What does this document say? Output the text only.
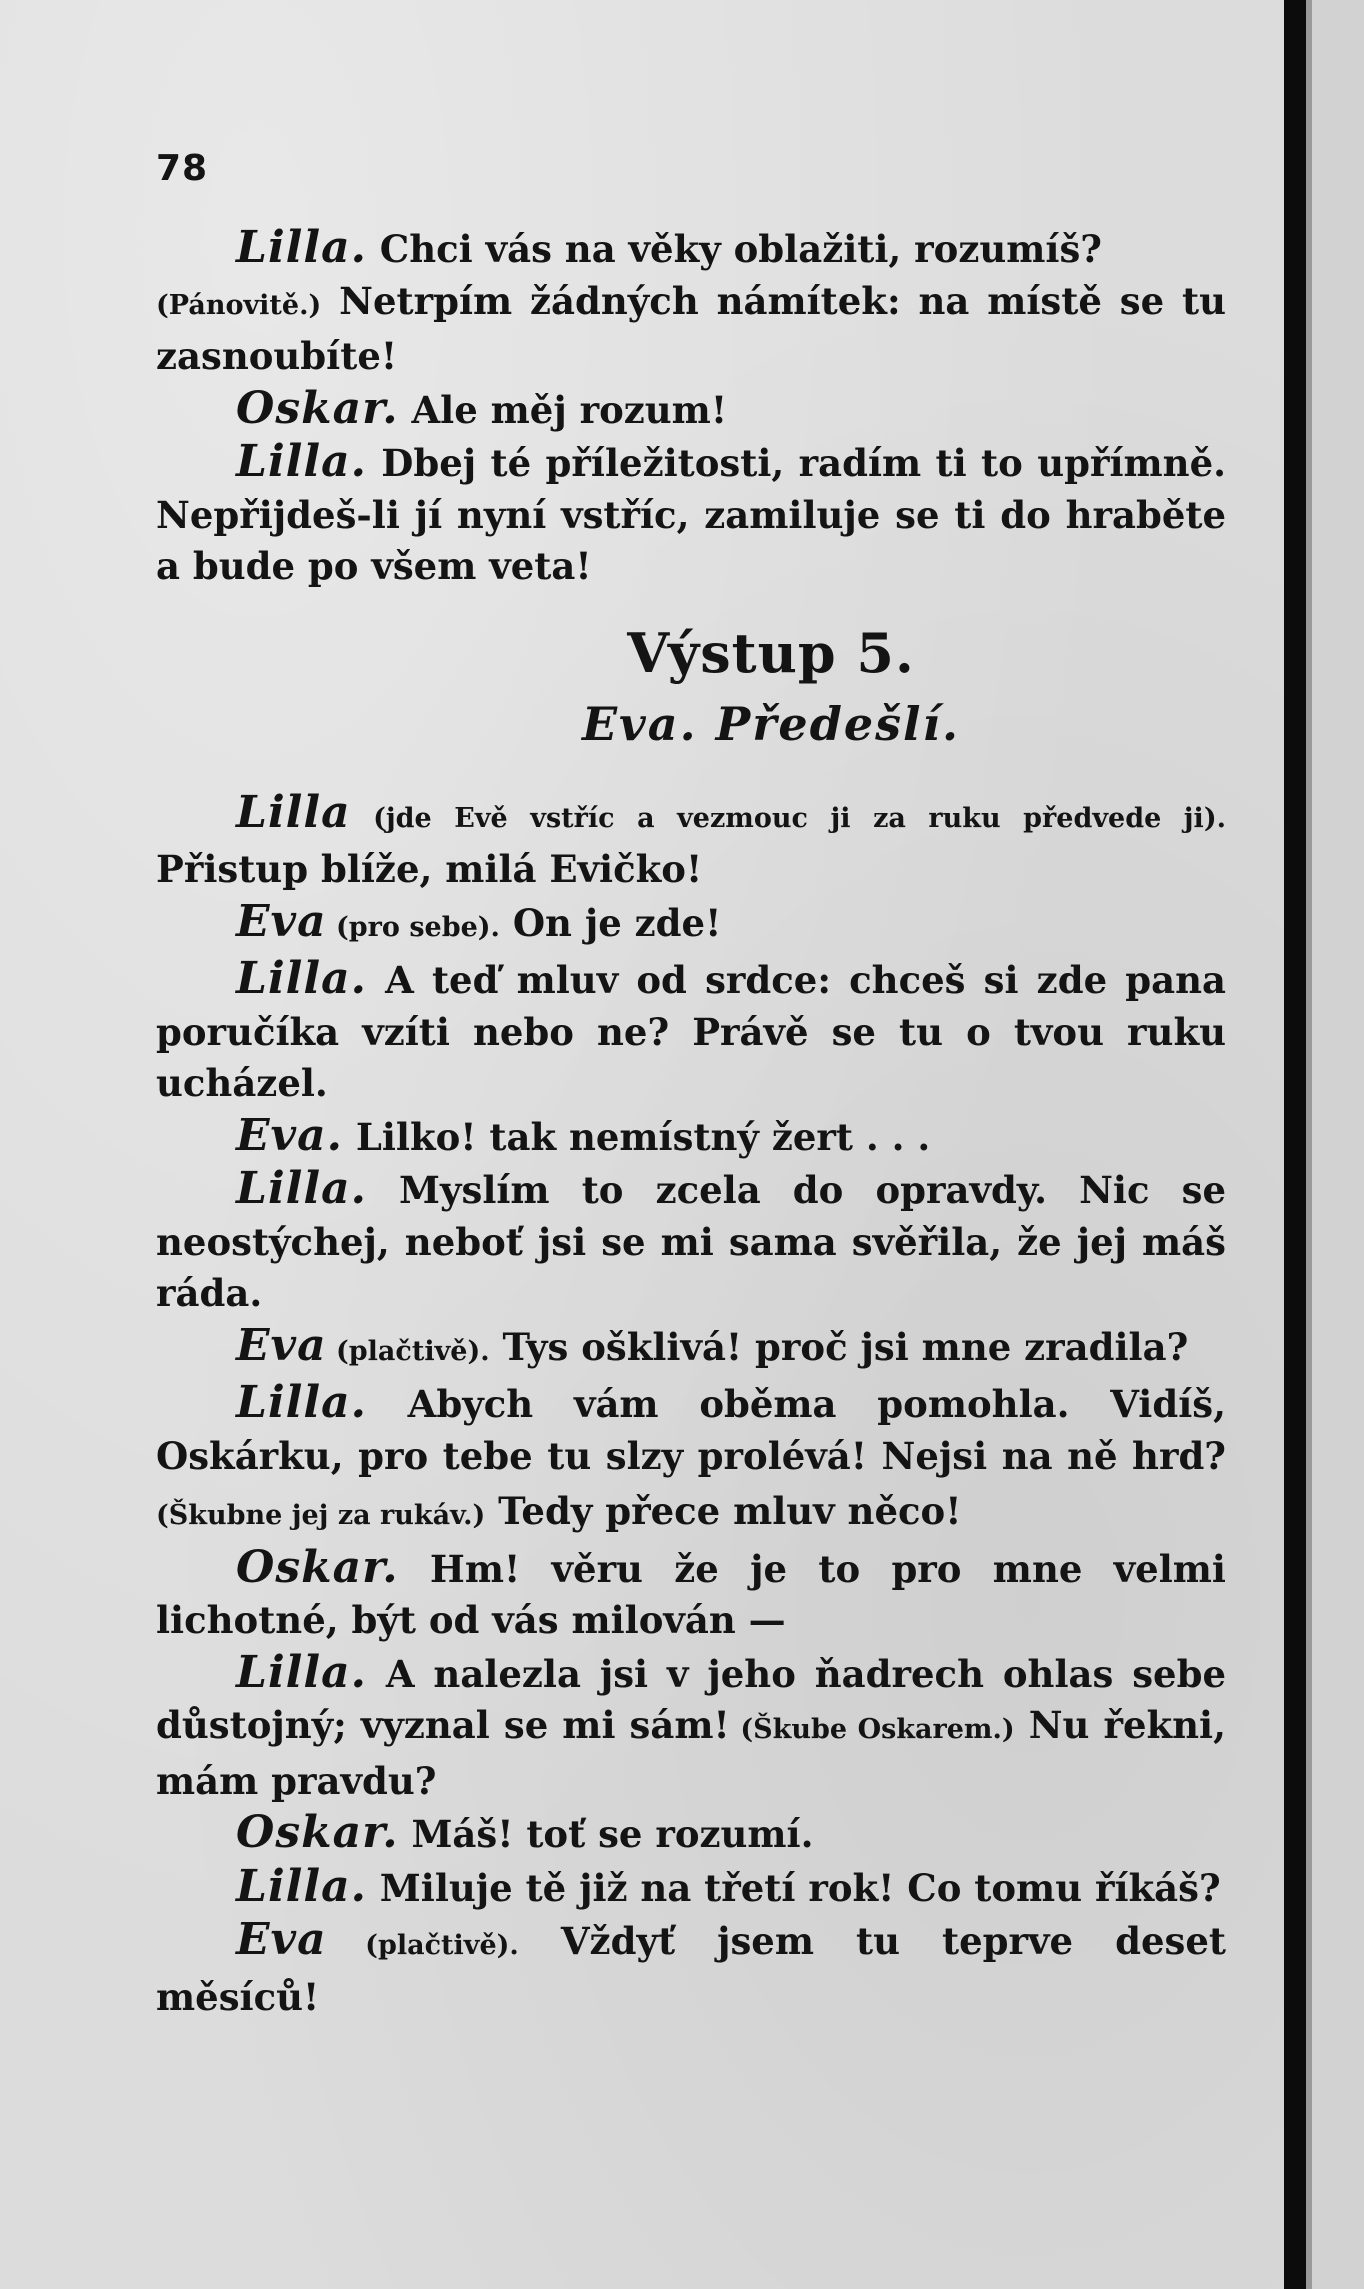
78

Lilla. Chci vás na věky oblažiti, rozumíš?

(Pánovitě.) Netrpím žádných námítek: na místě se tu zasnoubíte!

Oskar. Ale měj rozum!

Lilla. Dbej té příležitosti, radím ti to upřímně. Nepřijdeš-li jí nyní vstříc, zamiluje se ti do hraběte a bude po všem veta!

Výstup 5.

Eva. Předešlí.

Lilla (jde Evě vstříc a vezmouc ji za ruku předvede ji). Přistup blíže, milá Evičko!

Eva (pro sebe). On je zde!

Lilla. A teď mluv od srdce: chceš si zde pana poručíka vzíti nebo ne? Právě se tu o tvou ruku ucházel.

Eva. Lilko! tak nemístný žert . . .

Lilla. Myslím to zcela do opravdy. Nic se neostýchej, neboť jsi se mi sama svěřila, že jej máš ráda.

Eva (plačtivě). Tys ošklivá! proč jsi mne zradila?

Lilla. Abych vám oběma pomohla. Vidíš, Oskárku, pro tebe tu slzy prolévá! Nejsi na ně hrd? (Škubne jej za rukáv.) Tedy přece mluv něco!

Oskar. Hm! věru že je to pro mne velmi lichotné, být od vás milován —

Lilla. A nalezla jsi v jeho ňadrech ohlas sebe důstojný; vyznal se mi sám! (Škube Oskarem.) Nu řekni, mám pravdu?

Oskar. Máš! toť se rozumí.

Lilla. Miluje tě již na třetí rok! Co tomu říkáš?

Eva (plačtivě). Vždyť jsem tu teprve deset měsíců!
